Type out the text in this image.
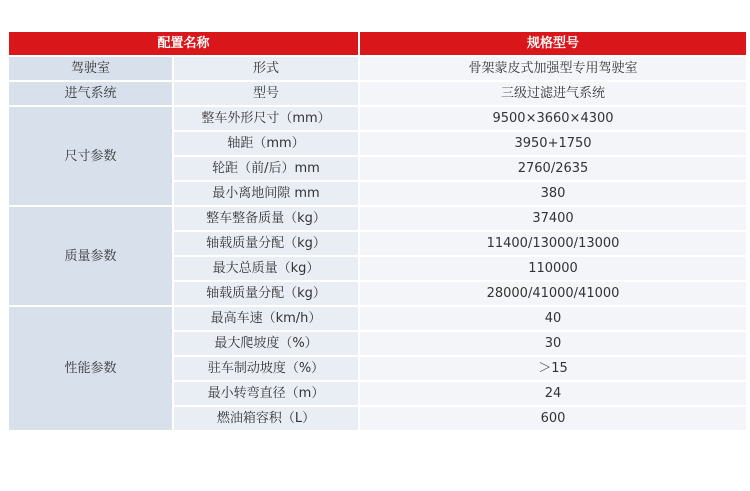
配置名称		规格型号
驾驶室	形式	骨架蒙皮式加强型专用驾驶室
进气系统	型号	三级过滤进气系统
尺寸参数	整车外形尺寸（mm）	9500×3660×4300
	轴距（mm）	3950+1750
	轮距（前/后）mm	2760/2635
	最小离地间隙 mm	380
质量参数	整车整备质量（kg）	37400
	轴载质量分配（kg）	11400/13000/13000
	最大总质量（kg）	110000
	轴载质量分配（kg）	28000/41000/41000
性能参数	最高车速（km/h）	40
	最大爬坡度（%）	30
	驻车制动坡度（%）	＞15
	最小转弯直径（m）	24
	燃油箱容积（L）	600
